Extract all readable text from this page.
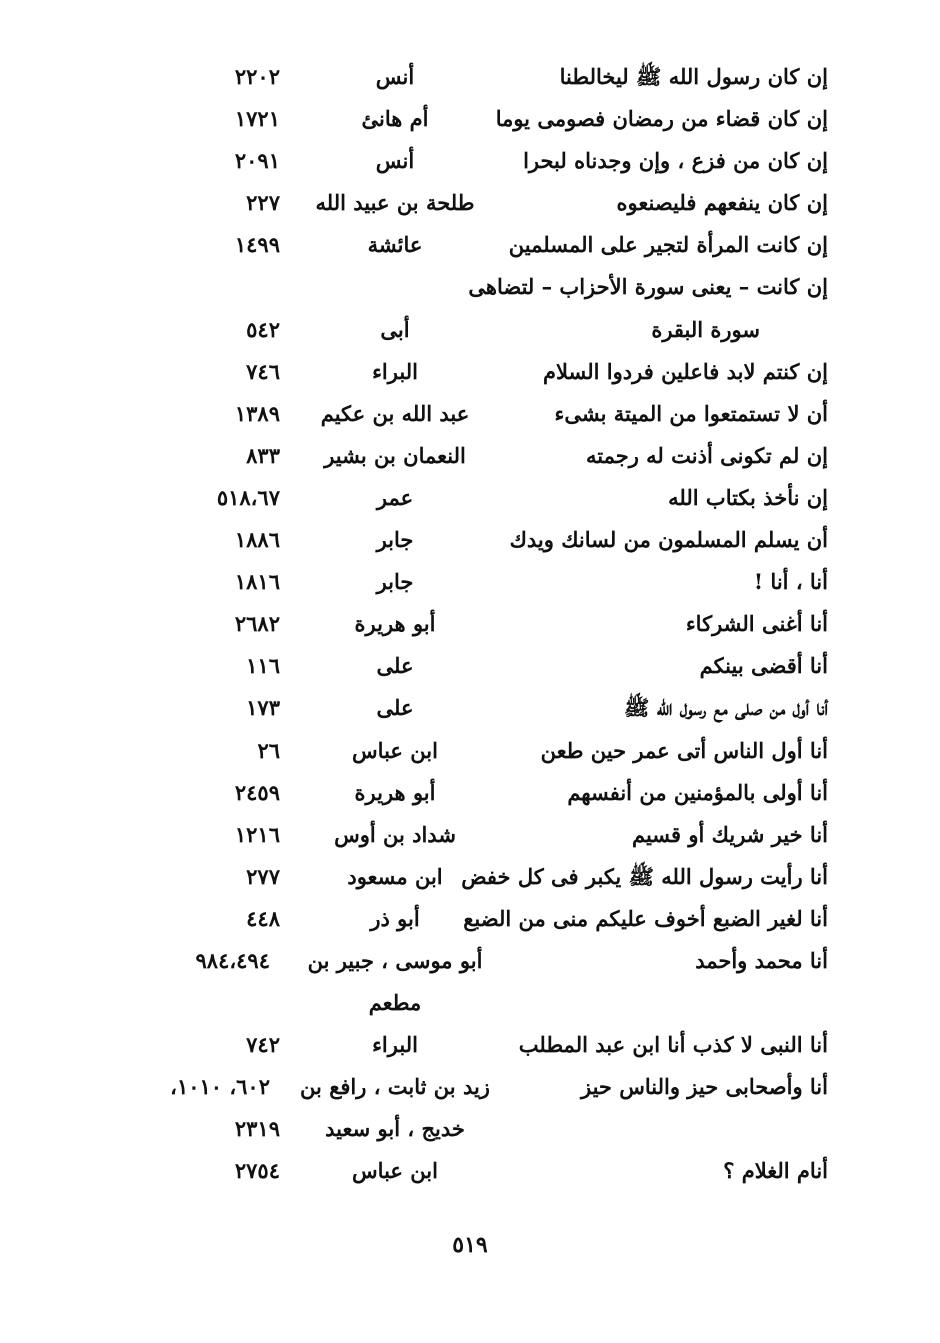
إن كان رسول الله ﷺ ليخالطنا
أنس
٢٢٠٢
إن كان قضاء من رمضان فصومى يوما
أم هانئ
١٧٢١
إن كان من فزع ، وإن وجدناه لبحرا
أنس
٢٠٩١
إن كان ينفعهم فليصنعوه
طلحة بن عبيد الله
٢٢٧
إن كانت المرأة لتجير على المسلمين
عائشة
١٤٩٩
إن كانت – يعنى سورة الأحزاب – لتضاهى
سورة البقرة
أبى
٥٤٢
إن كنتم لابد فاعلين فردوا السلام
البراء
٧٤٦
أن لا تستمتعوا من الميتة بشىء
عبد الله بن عكيم
١٣٨٩
إن لم تكونى أذنت له رجمته
النعمان بن بشير
٨٣٣
إن نأخذ بكتاب الله
عمر
٥١٨،٦٧
أن يسلم المسلمون من لسانك ويدك
جابر
١٨٨٦
أنا ، أنا !
جابر
١٨١٦
أنا أغنى الشركاء
أبو هريرة
٢٦٨٢
أنا أقضى بينكم
على
١١٦
أنا أول من صلى مع رسول الله ﷺ
على
١٧٣
أنا أول الناس أتى عمر حين طعن
ابن عباس
٢٦
أنا أولى بالمؤمنين من أنفسهم
أبو هريرة
٢٤٥٩
أنا خير شريك أو قسيم
شداد بن أوس
١٢١٦
أنا رأيت رسول الله ﷺ يكبر فى كل خفض
ابن مسعود
٢٧٧
أنا لغير الضبع أخوف عليكم منى من الضبع
أبو ذر
٤٤٨
أنا محمد وأحمد
أبو موسى ، جبير بن
٩٨٤،٤٩٤
مطعم
أنا النبى لا كذب أنا ابن عبد المطلب
البراء
٧٤٢
أنا وأصحابى حيز والناس حيز
زيد بن ثابت ، رافع بن
٦٠٢، ١٠١٠،
خديج ، أبو سعيد
٢٣١٩
أنام الغلام ؟
ابن عباس
٢٧٥٤
٥١٩
